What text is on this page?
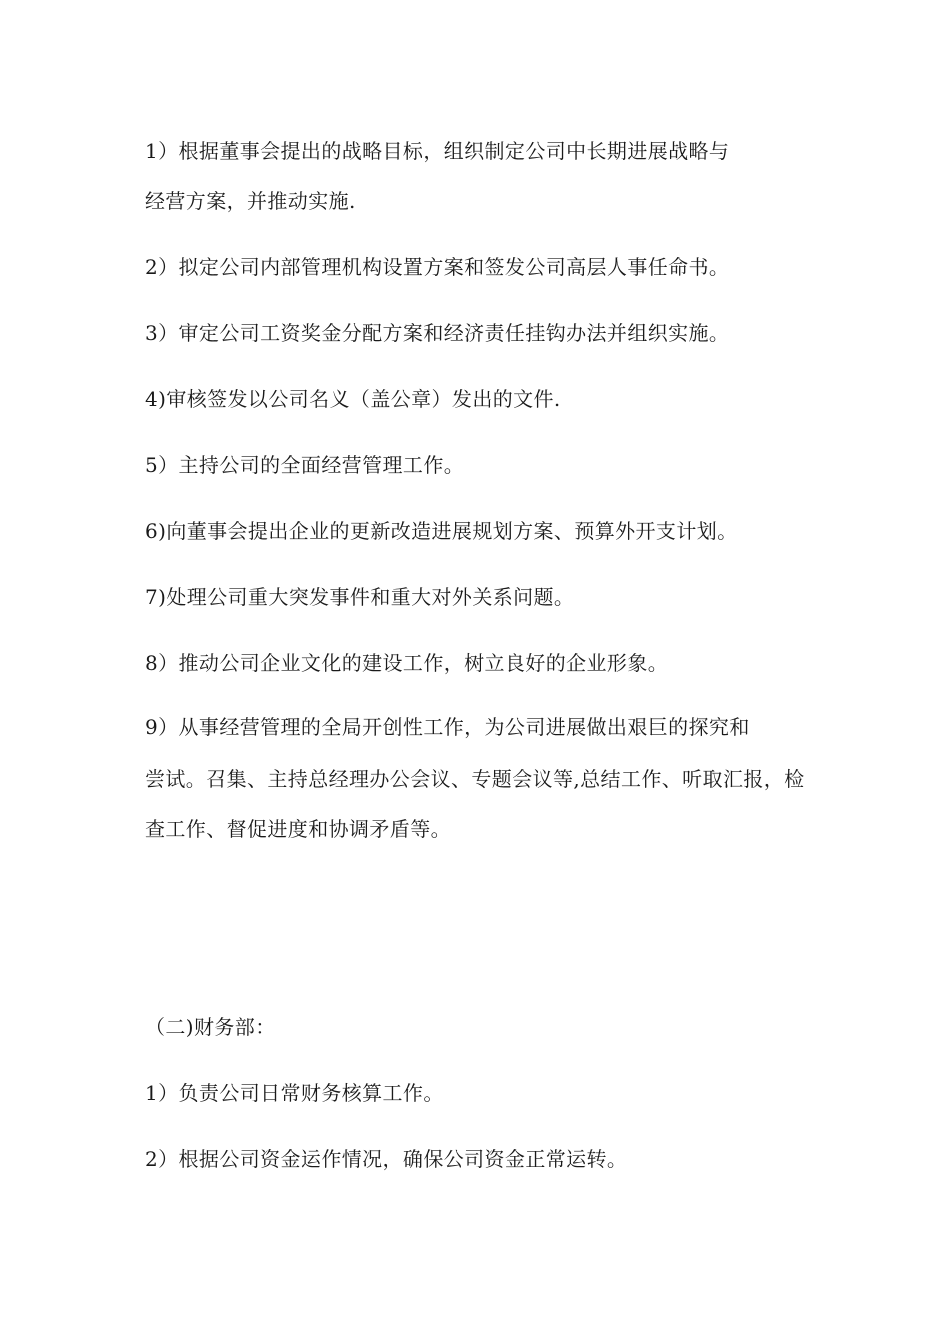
1）根据董事会提出的战略目标，组织制定公司中长期进展战略与
经营方案，并推动实施.
2）拟定公司内部管理机构设置方案和签发公司高层人事任命书。
3）审定公司工资奖金分配方案和经济责任挂钩办法并组织实施。
4)审核签发以公司名义（盖公章）发出的文件.
5）主持公司的全面经营管理工作。
6)向董事会提出企业的更新改造进展规划方案、预算外开支计划。
7)处理公司重大突发事件和重大对外关系问题。
8）推动公司企业文化的建设工作，树立良好的企业形象。
9）从事经营管理的全局开创性工作，为公司进展做出艰巨的探究和
尝试。召集、主持总经理办公会议、专题会议等,总结工作、听取汇报，检
查工作、督促进度和协调矛盾等。
（二)财务部：
1）负责公司日常财务核算工作。
2）根据公司资金运作情况，确保公司资金正常运转。
